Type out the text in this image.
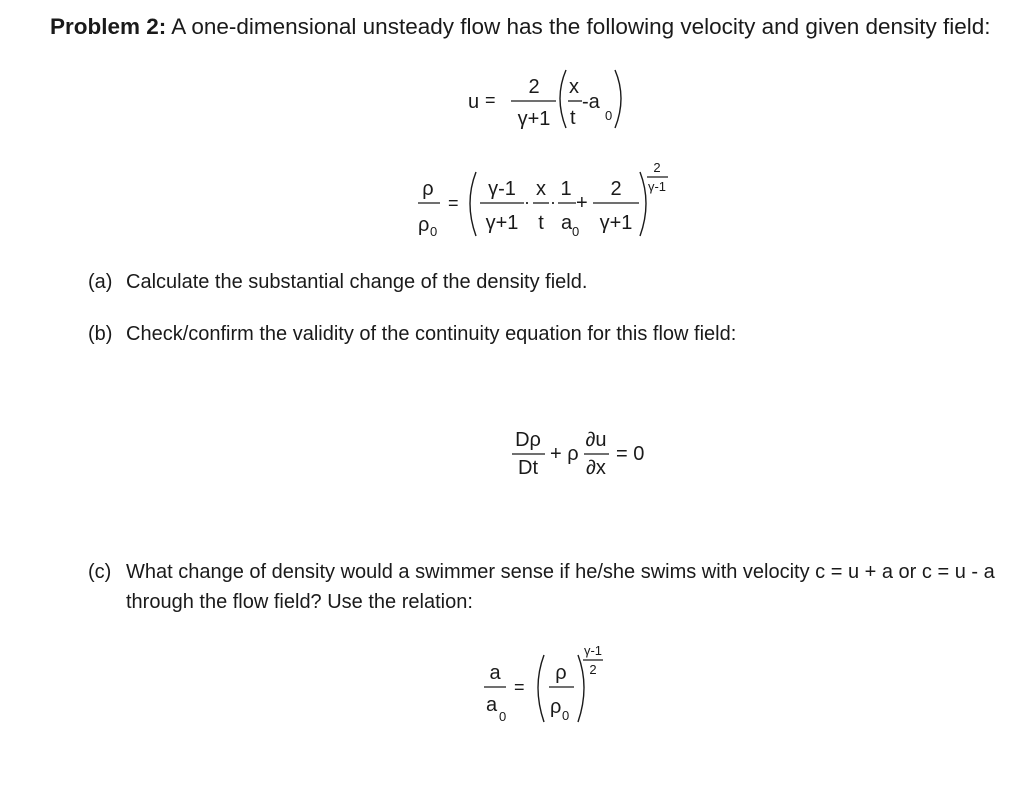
Problem 2: A one-dimensional unsteady flow has the following velocity and given density field:
u =
2
γ+1
x
t
-a
0
ρ
ρ 0
=
γ-1
γ+1
·
x
t
·
1
a 0
+
2
γ+1
2
γ-1
(a) Calculate the substantial change of the density field.
(b) Check/confirm the validity of the continuity equation for this flow field:
Dρ
Dt
+ ρ
∂u
∂x
= 0
(c) What change of density would a swimmer sense if he/she swims with velocity c = u + a or c = u - a through the flow field? Use the relation:
a
a
0
=
ρ
ρ 0
γ-1
2
